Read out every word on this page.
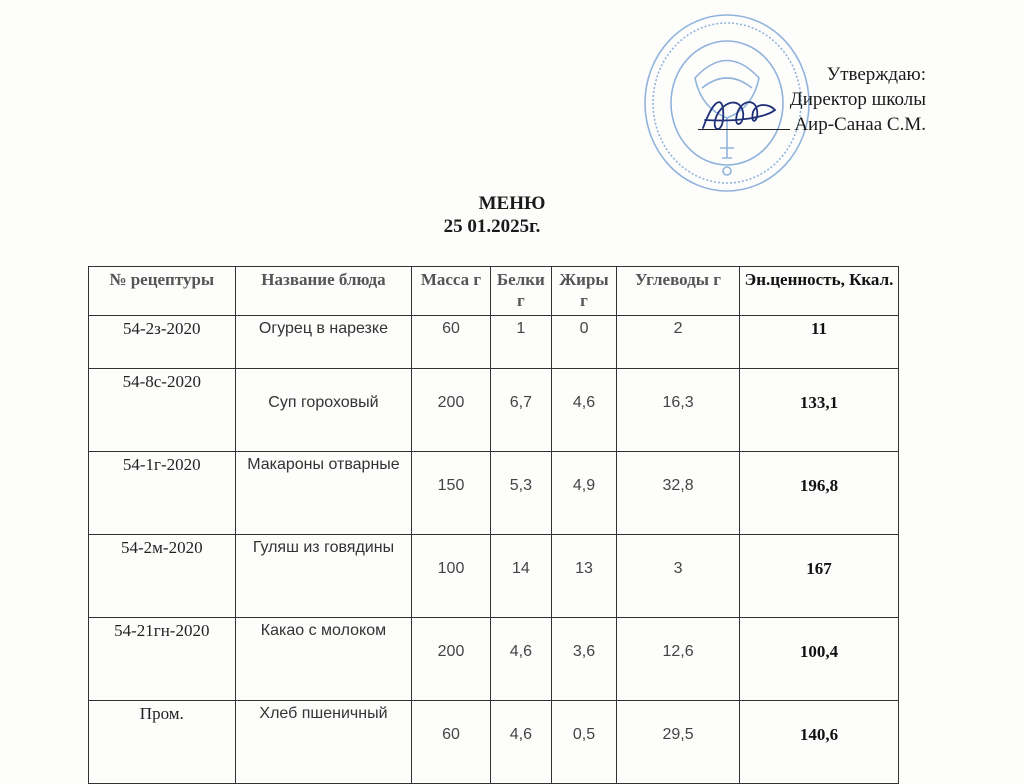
Утверждаю:
Директор школы
Аир-Санаа С.М.
МЕНЮ
25 01.2025г.
№ рецептуры	Название блюда	Масса г	Белки г	Жиры г	Углеводы г	Эн.ценность, Ккал.
54-2з-2020	Огурец в нарезке	60	1	0	2	11
54-8с-2020	Суп гороховый	200	6,7	4,6	16,3	133,1
54-1г-2020	Макароны отварные	150	5,3	4,9	32,8	196,8
54-2м-2020	Гуляш из говядины	100	14	13	3	167
54-21гн-2020	Какао с молоком	200	4,6	3,6	12,6	100,4
Пром.	Хлеб пшеничный	60	4,6	0,5	29,5	140,6
